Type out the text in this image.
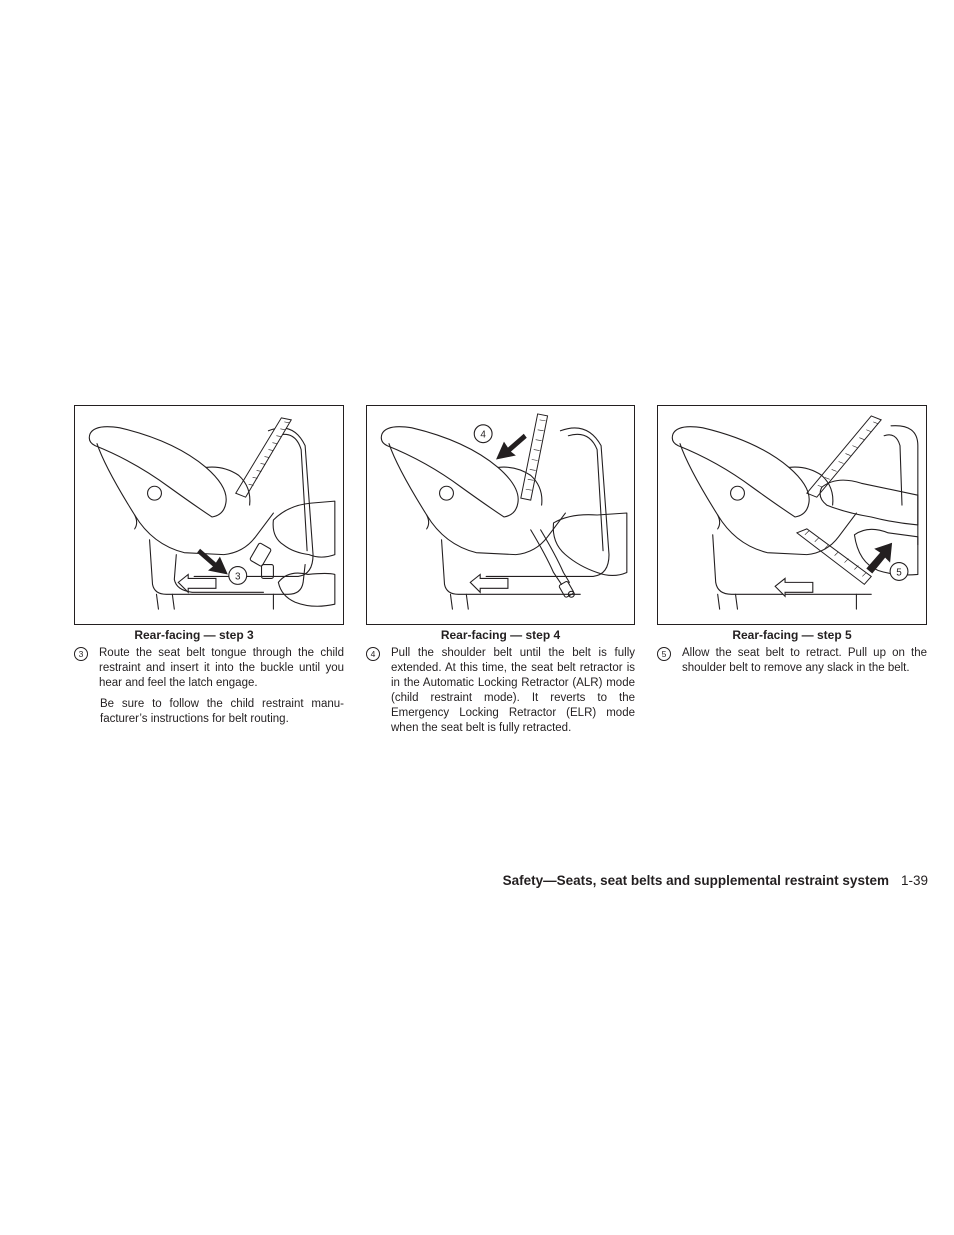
3
4
5
Rear-facing — step 3	Rear-facing — step 4	Rear-facing — step 5
3	Route the seat belt tongue through the child restraint and insert it into the buckle until you hear and feel the latch engage.
Be sure to follow the child restraint manu-facturer’s instructions for belt routing.
4	Pull the shoulder belt until the belt is fully extended. At this time, the seat belt retractor is in the Automatic Locking Retractor (ALR) mode (child restraint mode). It reverts to the Emergency Locking Retractor (ELR) mode when the seat belt is fully retracted.
5	Allow the seat belt to retract. Pull up on the shoulder belt to remove any slack in the belt.
Safety—Seats, seat belts and supplemental restraint system 1-39
